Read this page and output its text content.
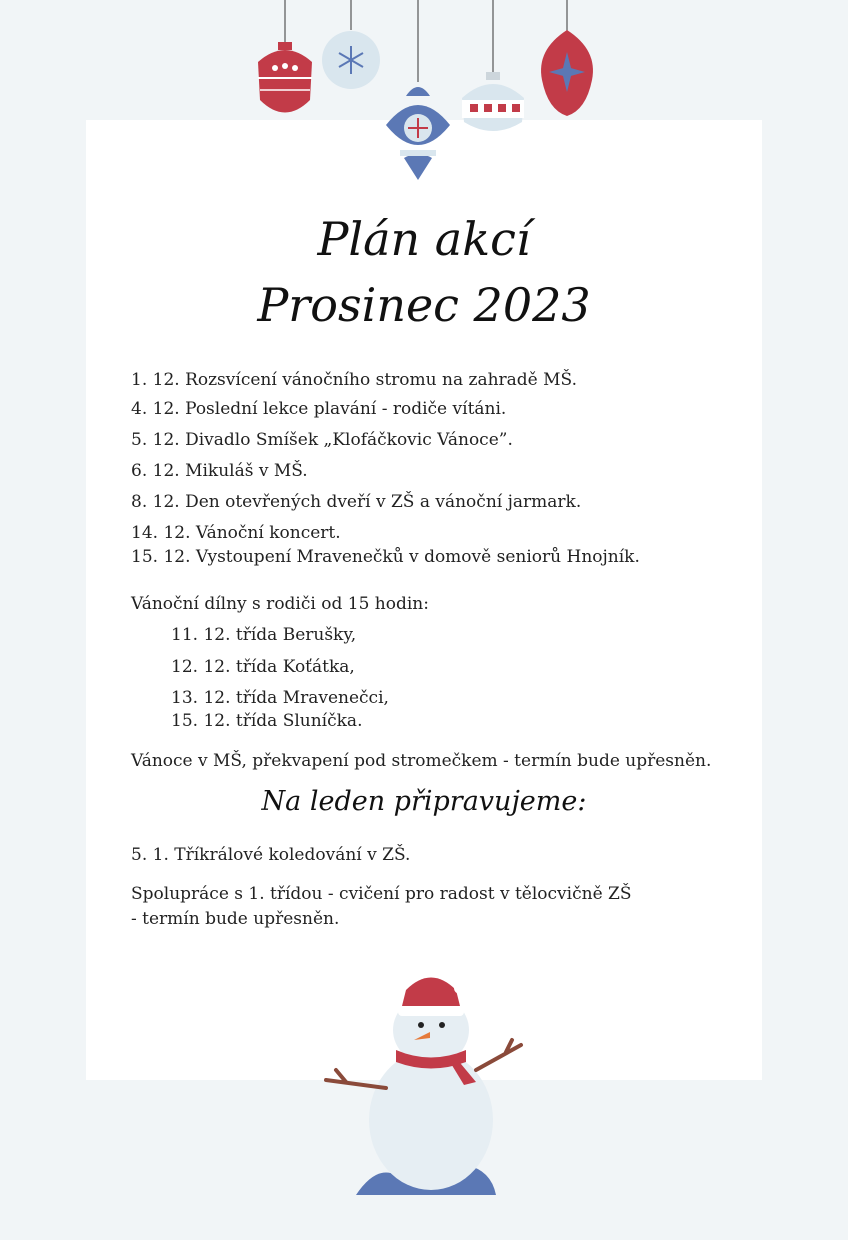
Plán akcí

Prosinec 2023

1. 12. Rozsvícení vánočního stromu na zahradě MŠ.

4. 12. Poslední lekce plavání - rodiče vítáni.

5. 12. Divadlo Smíšek „Klofáčkovic Vánoce”.

6. 12. Mikuláš v MŠ.

8. 12. Den otevřených dveří v ZŠ a vánoční jarmark.

14. 12. Vánoční koncert.

15. 12. Vystoupení Mravenečků v domově seniorů Hnojník.

Vánoční dílny s rodiči od 15 hodin:

11. 12. třída Berušky,

12. 12. třída Koťátka,

13. 12. třída Mravenečci,

15. 12. třída Sluníčka.

Vánoce v MŠ, překvapení pod stromečkem - termín bude upřesněn.

Na leden připravujeme:

5. 1. Tříkrálové koledování v ZŠ.

Spolupráce s 1. třídou - cvičení pro radost v tělocvičně ZŠ

- termín bude upřesněn.
